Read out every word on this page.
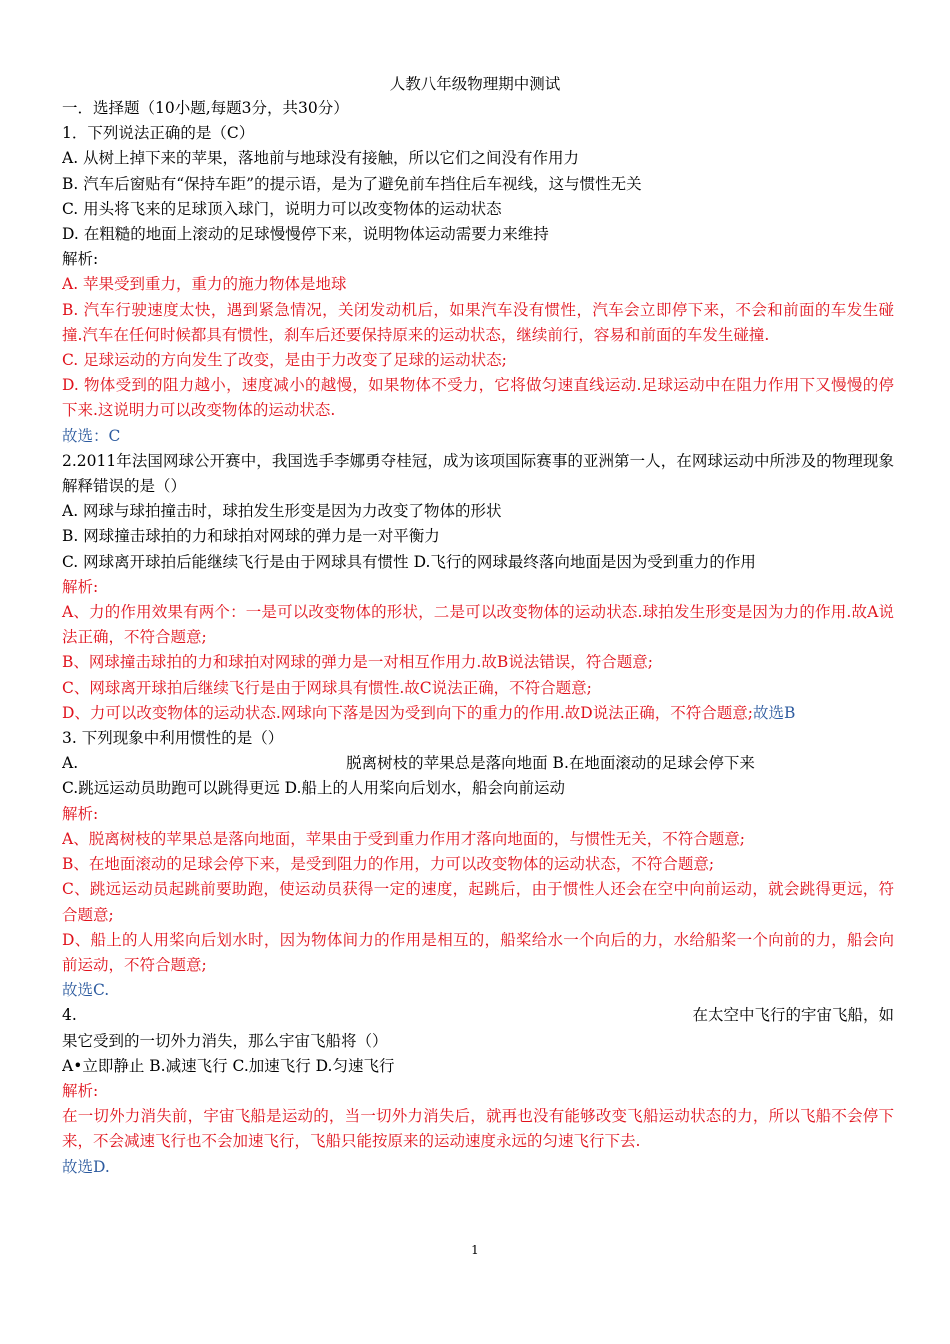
人教八年级物理期中测试
一．选择题（10小题,每题3分，共30分）
1．下列说法正确的是（C）
A. 从树上掉下来的苹果，落地前与地球没有接触，所以它们之间没有作用力
B. 汽车后窗贴有“保持车距”的提示语，是为了避免前车挡住后车视线，这与惯性无关
C. 用头将飞来的足球顶入球门，说明力可以改变物体的运动状态
D. 在粗糙的地面上滚动的足球慢慢停下来，说明物体运动需要力来维持
解析:
A. 苹果受到重力，重力的施力物体是地球
B. 汽车行驶速度太快，遇到紧急情况，关闭发动机后，如果汽车没有惯性，汽车会立即停下来，不会和前面的车发生碰撞.汽车在任何时候都具有惯性，刹车后还要保持原来的运动状态，继续前行，容易和前面的车发生碰撞.
C. 足球运动的方向发生了改变，是由于力改变了足球的运动状态;
D. 物体受到的阻力越小，速度减小的越慢，如果物体不受力，它将做匀速直线运动.足球运动中在阻力作用下又慢慢的停下来.这说明力可以改变物体的运动状态.
故选：C
2.2011年法国网球公开赛中，我国选手李娜勇夺桂冠，成为该项国际赛事的亚洲第一人，在网球运动中所涉及的物理现象解释错误的是（）
A. 网球与球拍撞击时，球拍发生形变是因为力改变了物体的形状
B. 网球撞击球拍的力和球拍对网球的弹力是一对平衡力
C. 网球离开球拍后能继续飞行是由于网球具有惯性 D.飞行的网球最终落向地面是因为受到重力的作用
解析:
A、力的作用效果有两个：一是可以改变物体的形状，二是可以改变物体的运动状态.球拍发生形变是因为力的作用.故A说法正确，不符合题意;
B、网球撞击球拍的力和球拍对网球的弹力是一对相互作用力.故B说法错误，符合题意;
C、网球离开球拍后继续飞行是由于网球具有惯性.故C说法正确，不符合题意;
D、力可以改变物体的运动状态.网球向下落是因为受到向下的重力的作用.故D说法正确，不符合题意;故选B
3. 下列现象中利用惯性的是（）
A.	脱离树枝的苹果总是落向地面 B.在地面滚动的足球会停下来
C.跳远运动员助跑可以跳得更远 D.船上的人用桨向后划水，船会向前运动
解析:
A、脱离树枝的苹果总是落向地面，苹果由于受到重力作用才落向地面的，与惯性无关，不符合题意;
B、在地面滚动的足球会停下来，是受到阻力的作用，力可以改变物体的运动状态，不符合题意;
C、跳远运动员起跳前要助跑，使运动员获得一定的速度，起跳后，由于惯性人还会在空中向前运动，就会跳得更远，符合题意;
D、船上的人用桨向后划水时，因为物体间力的作用是相互的，船桨给水一个向后的力，水给船桨一个向前的力，船会向前运动，不符合题意;
故选C.
4.	在太空中飞行的宇宙飞船，如
果它受到的一切外力消失，那么宇宙飞船将（）
A•立即静止 B.减速飞行 C.加速飞行 D.匀速飞行
解析:
在一切外力消失前，宇宙飞船是运动的，当一切外力消失后，就再也没有能够改变飞船运动状态的力，所以飞船不会停下来，不会减速飞行也不会加速飞行，飞船只能按原来的运动速度永远的匀速飞行下去.
故选D.
1
